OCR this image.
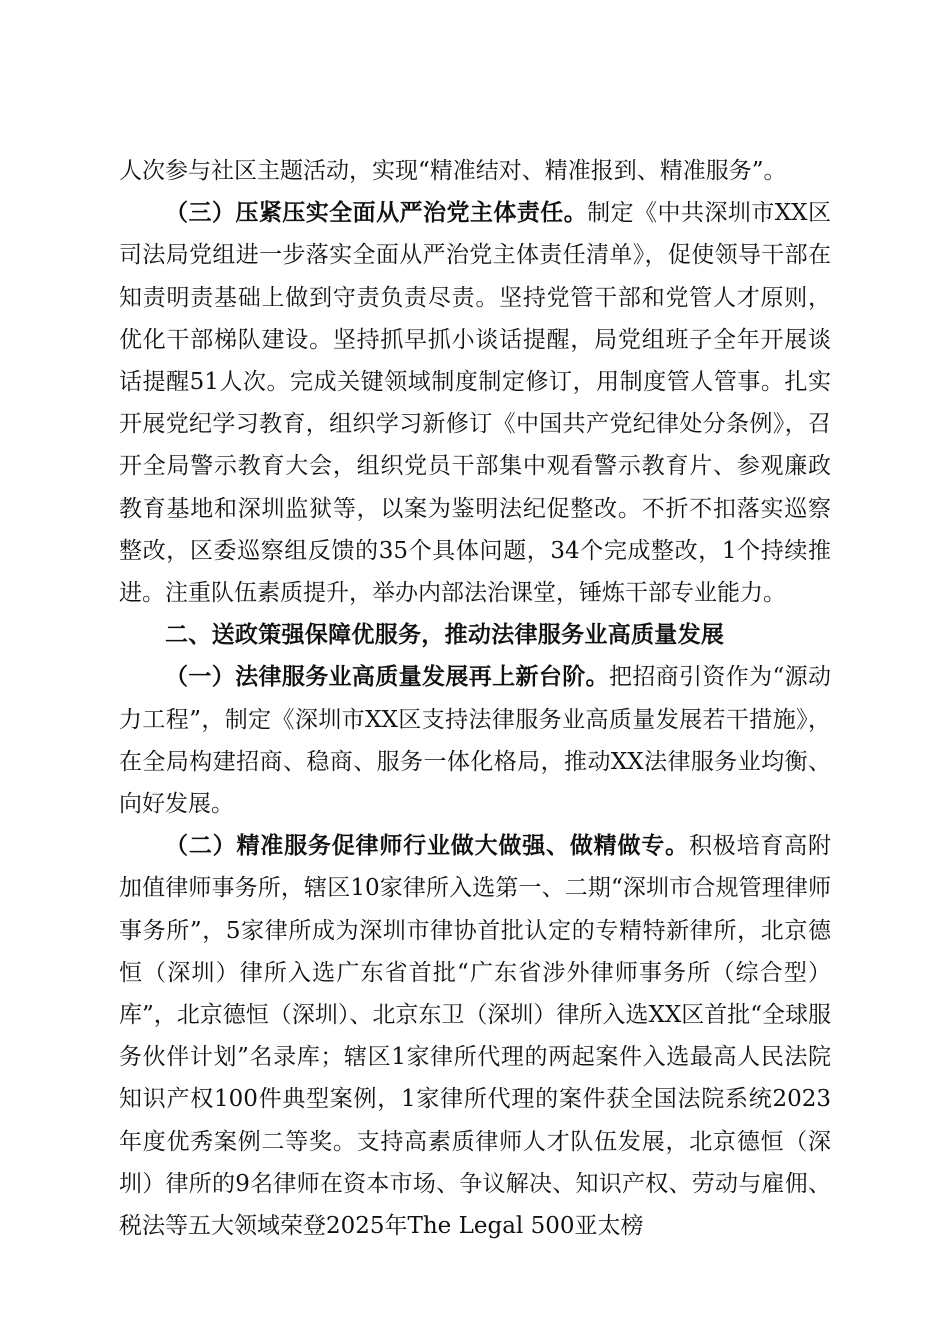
人次参与社区主题活动，实现“精准结对、精准报到、精准服务”。

（三）压紧压实全面从严治党主体责任。制定《中共深圳市XX区司法局党组进一步落实全面从严治党主体责任清单》，促使领导干部在知责明责基础上做到守责负责尽责。坚持党管干部和党管人才原则，优化干部梯队建设。坚持抓早抓小谈话提醒，局党组班子全年开展谈话提醒51人次。完成关键领域制度制定修订，用制度管人管事。扎实开展党纪学习教育，组织学习新修订《中国共产党纪律处分条例》，召开全局警示教育大会，组织党员干部集中观看警示教育片、参观廉政教育基地和深圳监狱等，以案为鉴明法纪促整改。不折不扣落实巡察整改，区委巡察组反馈的35个具体问题，34个完成整改，1个持续推进。注重队伍素质提升，举办内部法治课堂，锤炼干部专业能力。

二、送政策强保障优服务，推动法律服务业高质量发展

（一）法律服务业高质量发展再上新台阶。把招商引资作为“源动力工程”，制定《深圳市XX区支持法律服务业高质量发展若干措施》，在全局构建招商、稳商、服务一体化格局，推动XX法律服务业均衡、向好发展。

（二）精准服务促律师行业做大做强、做精做专。积极培育高附加值律师事务所，辖区10家律所入选第一、二期“深圳市合规管理律师事务所”，5家律所成为深圳市律协首批认定的专精特新律所，北京德恒（深圳）律所入选广东省首批“广东省涉外律师事务所（综合型）库”，北京德恒（深圳）、北京东卫（深圳）律所入选XX区首批“全球服务伙伴计划”名录库；辖区1家律所代理的两起案件入选最高人民法院知识产权100件典型案例，1家律所代理的案件获全国法院系统2023年度优秀案例二等奖。支持高素质律师人才队伍发展，北京德恒（深圳）律所的9名律师在资本市场、争议解决、知识产权、劳动与雇佣、税法等五大领域荣登2025年The Legal 500亚太榜
